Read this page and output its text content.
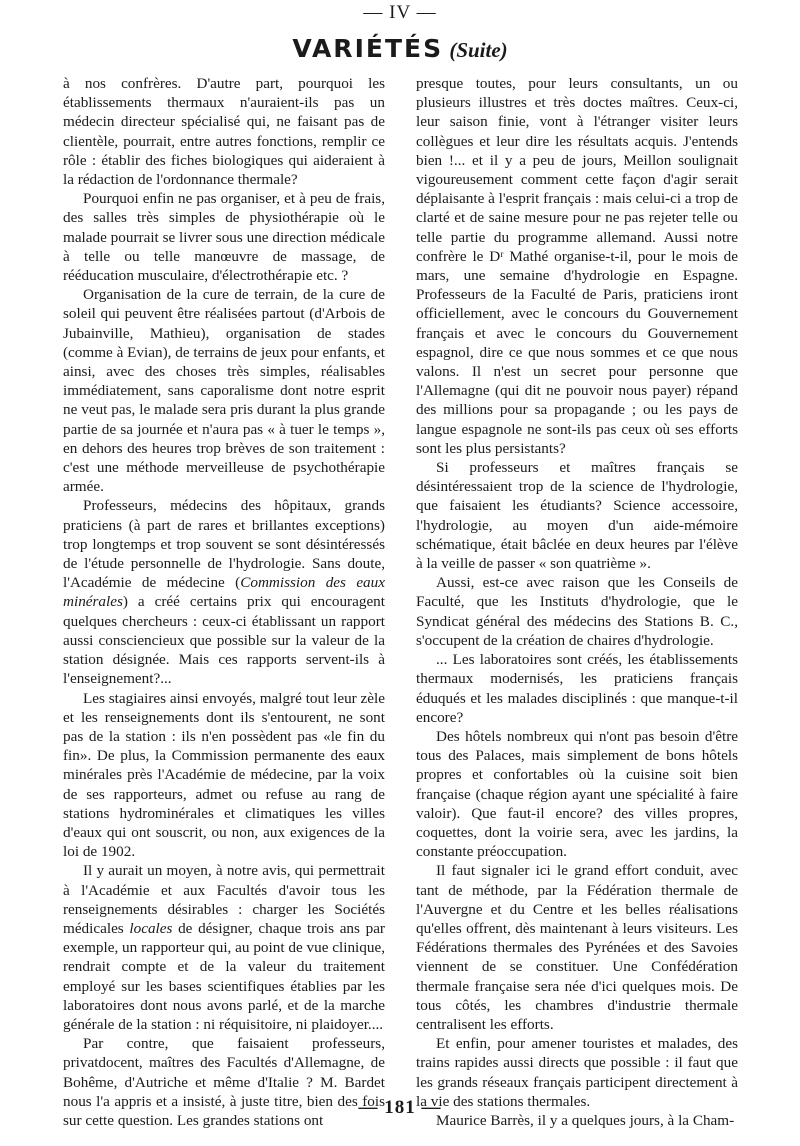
— IV —
VARIÉTÉS (Suite)

à nos confrères. D'autre part, pourquoi les établissements thermaux n'auraient-ils pas un médecin directeur spécialisé qui, ne faisant pas de clientèle, pourrait, entre autres fonctions, remplir ce rôle : établir des fiches biologiques qui aideraient à la rédaction de l'ordonnance thermale?

Pourquoi enfin ne pas organiser, et à peu de frais, des salles très simples de physiothérapie où le malade pourrait se livrer sous une direction médicale à telle ou telle manœuvre de massage, de rééducation musculaire, d'électrothérapie etc. ?

Organisation de la cure de terrain, de la cure de soleil qui peuvent être réalisées partout (d'Arbois de Jubainville, Mathieu), organisation de stades (comme à Evian), de terrains de jeux pour enfants, et ainsi, avec des choses très simples, réalisables immédiatement, sans caporalisme dont notre esprit ne veut pas, le malade sera pris durant la plus grande partie de sa journée et n'aura pas « à tuer le temps », en dehors des heures trop brèves de son traitement : c'est une méthode merveilleuse de psychothérapie armée.

Professeurs, médecins des hôpitaux, grands praticiens (à part de rares et brillantes exceptions) trop longtemps et trop souvent se sont désintéressés de l'étude personnelle de l'hydrologie. Sans doute, l'Académie de médecine (Commission des eaux minérales) a créé certains prix qui encouragent quelques chercheurs : ceux-ci établissant un rapport aussi consciencieux que possible sur la valeur de la station désignée. Mais ces rapports servent-ils à l'enseignement?...

Les stagiaires ainsi envoyés, malgré tout leur zèle et les renseignements dont ils s'entourent, ne sont pas de la station : ils n'en possèdent pas «le fin du fin». De plus, la Commission permanente des eaux minérales près l'Académie de médecine, par la voix de ses rapporteurs, admet ou refuse au rang de stations hydrominérales et climatiques les villes d'eaux qui ont souscrit, ou non, aux exigences de la loi de 1902.

Il y aurait un moyen, à notre avis, qui permettrait à l'Académie et aux Facultés d'avoir tous les renseignements désirables : charger les Sociétés médicales locales de désigner, chaque trois ans par exemple, un rapporteur qui, au point de vue clinique, rendrait compte et de la valeur du traitement employé sur les bases scientifiques établies par les laboratoires dont nous avons parlé, et de la marche générale de la station : ni réquisitoire, ni plaidoyer....

Par contre, que faisaient professeurs, privatdocent, maîtres des Facultés d'Allemagne, de Bohême, d'Autriche et même d'Italie ? M. Bardet nous l'a appris et a insisté, à juste titre, bien des fois sur cette question. Les grandes stations ont

presque toutes, pour leurs consultants, un ou plusieurs illustres et très doctes maîtres. Ceux-ci, leur saison finie, vont à l'étranger visiter leurs collègues et leur dire les résultats acquis. J'entends bien !... et il y a peu de jours, Meillon soulignait vigoureusement comment cette façon d'agir serait déplaisante à l'esprit français : mais celui-ci a trop de clarté et de saine mesure pour ne pas rejeter telle ou telle partie du programme allemand. Aussi notre confrère le Dʳ Mathé organise-t-il, pour le mois de mars, une semaine d'hydrologie en Espagne. Professeurs de la Faculté de Paris, praticiens iront officiellement, avec le concours du Gouvernement français et avec le concours du Gouvernement espagnol, dire ce que nous sommes et ce que nous valons. Il n'est un secret pour personne que l'Allemagne (qui dit ne pouvoir nous payer) répand des millions pour sa propagande ; ou les pays de langue espagnole ne sont-ils pas ceux où ses efforts sont les plus persistants?

Si professeurs et maîtres français se désintéressaient trop de la science de l'hydrologie, que faisaient les étudiants? Science accessoire, l'hydrologie, au moyen d'un aide-mémoire schématique, était bâclée en deux heures par l'élève à la veille de passer « son quatrième ».

Aussi, est-ce avec raison que les Conseils de Faculté, que les Instituts d'hydrologie, que le Syndicat général des médecins des Stations B. C., s'occupent de la création de chaires d'hydrologie.

... Les laboratoires sont créés, les établissements thermaux modernisés, les praticiens français éduqués et les malades disciplinés : que manque-t-il encore?

Des hôtels nombreux qui n'ont pas besoin d'être tous des Palaces, mais simplement de bons hôtels propres et confortables où la cuisine soit bien française (chaque région ayant une spécialité à faire valoir). Que faut-il encore? des villes propres, coquettes, dont la voirie sera, avec les jardins, la constante préoccupation.

Il faut signaler ici le grand effort conduit, avec tant de méthode, par la Fédération thermale de l'Auvergne et du Centre et les belles réalisations qu'elles offrent, dès maintenant à leurs visiteurs. Les Fédérations thermales des Pyrénées et des Savoies viennent de se constituer. Une Confédération thermale française sera née d'ici quelques mois. De tous côtés, les chambres d'industrie thermale centralisent les efforts.

Et enfin, pour amener touristes et malades, des trains rapides aussi directs que possible : il faut que les grands réseaux français participent directement à la vie des stations thermales.

Maurice Barrès, il y a quelques jours, à la Cham-

— 181 —
